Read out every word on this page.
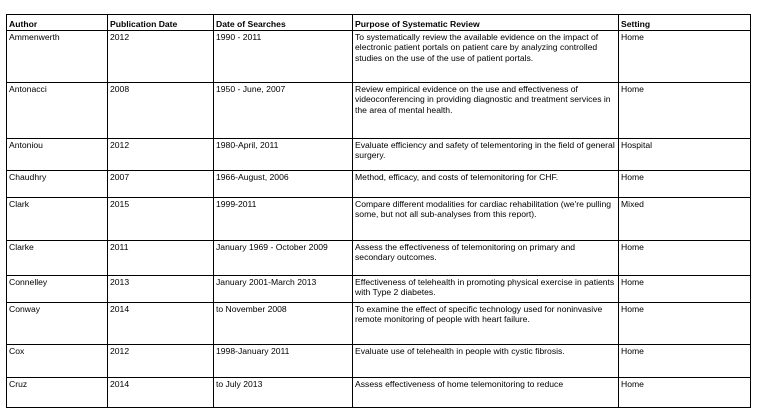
Author	Publication Date	Date of Searches	Purpose of Systematic Review	Setting
Ammenwerth	2012	1990 - 2011	To systematically review the available evidence on the impact of electronic patient portals on patient care by analyzing controlled studies on the use of the use of patient portals.	Home
Antonacci	2008	1950 - June, 2007	Review empirical evidence on the use and effectiveness of videoconferencing in providing diagnostic and treatment services in the area of mental health.	Home
Antoniou	2012	1980-April, 2011	Evaluate efficiency and safety of telementoring in the field of general surgery.	Hospital
Chaudhry	2007	1966-August, 2006	Method, efficacy, and costs of telemonitoring for CHF.	Home
Clark	2015	1999-2011	Compare different modalities for cardiac rehabilitation (we're pulling some, but not all sub-analyses from this report).	Mixed
Clarke	2011	January 1969 - October 2009	Assess the effectiveness of telemonitoring on primary and secondary outcomes.	Home
Connelley	2013	January 2001-March 2013	Effectiveness of telehealth in promoting physical exercise in patients with Type 2 diabetes.	Home
Conway	2014	to November 2008	To examine the effect of specific technology used for noninvasive remote monitoring of people with heart failure.	Home
Cox	2012	1998-January 2011	Evaluate use of telehealth in people with cystic fibrosis.	Home
Cruz	2014	to July 2013	Assess effectiveness of home telemonitoring to reduce	Home
